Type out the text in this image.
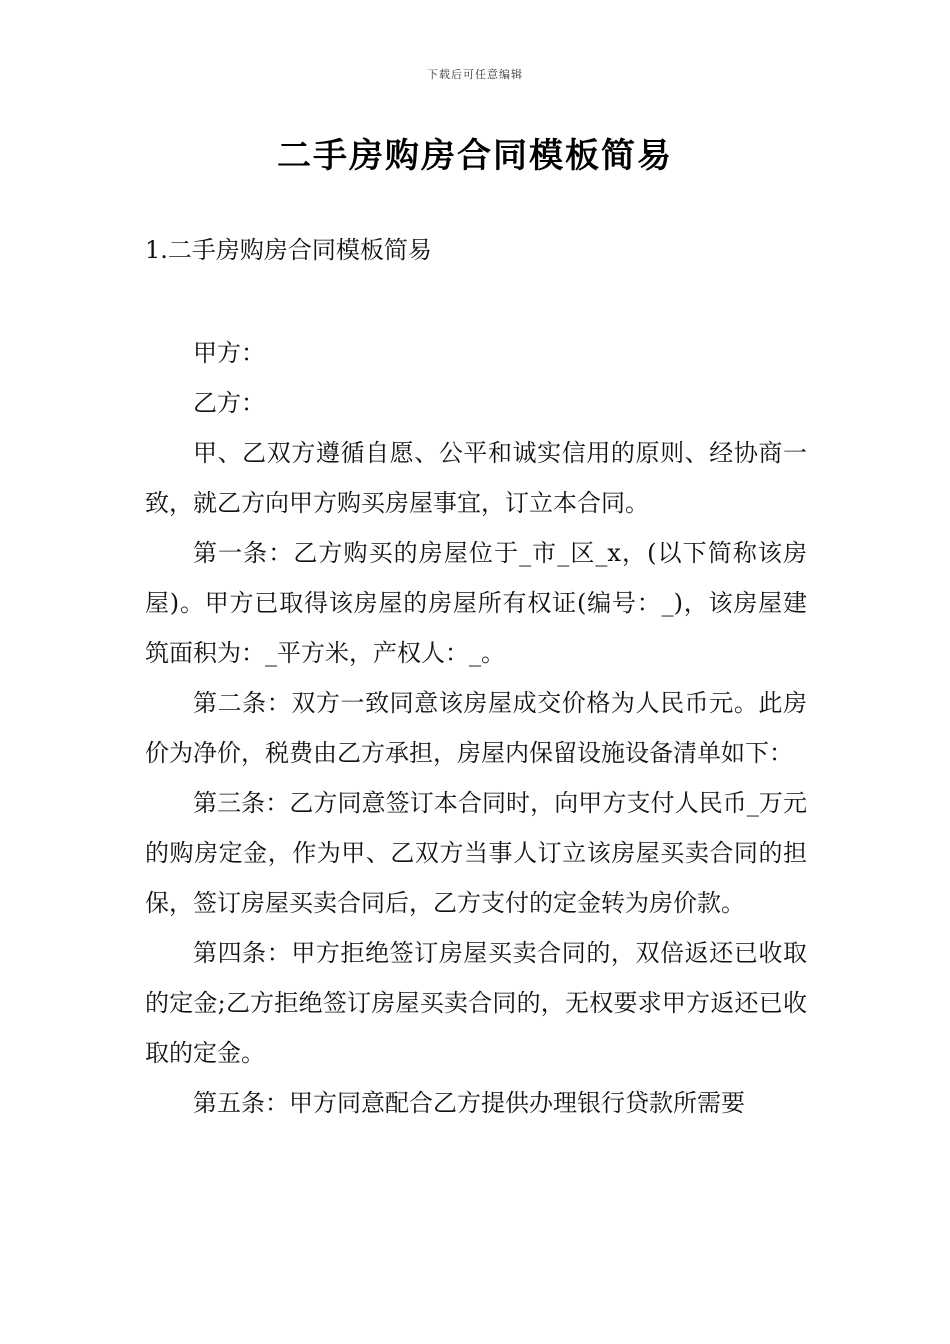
下载后可任意编辑
二手房购房合同模板简易
1.二手房购房合同模板简易

甲方：

乙方：

甲、乙双方遵循自愿、公平和诚实信用的原则、经协商一致，就乙方向甲方购买房屋事宜，订立本合同。

第一条：乙方购买的房屋位于_市_区_x，(以下简称该房屋)。甲方已取得该房屋的房屋所有权证(编号：_)，该房屋建筑面积为：_平方米，产权人：_。

第二条：双方一致同意该房屋成交价格为人民币元。此房价为净价，税费由乙方承担，房屋内保留设施设备清单如下：

第三条：乙方同意签订本合同时，向甲方支付人民币_万元的购房定金，作为甲、乙双方当事人订立该房屋买卖合同的担保，签订房屋买卖合同后，乙方支付的定金转为房价款。

第四条：甲方拒绝签订房屋买卖合同的，双倍返还已收取的定金;乙方拒绝签订房屋买卖合同的，无权要求甲方返还已收取的定金。

第五条：甲方同意配合乙方提供办理银行贷款所需要
